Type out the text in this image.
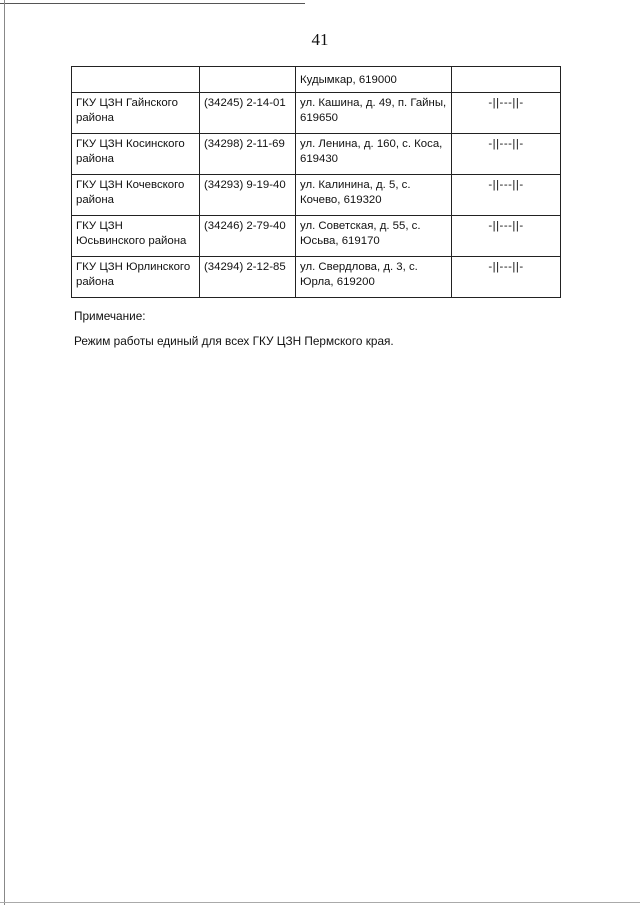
41
		Кудымкар, 619000	
ГКУ ЦЗН Гайнского района	(34245) 2-14-01	ул. Кашина, д. 49, п. Гайны, 619650	-||---||-
ГКУ ЦЗН Косинского района	(34298) 2-11-69	ул. Ленина, д. 160, с. Коса, 619430	-||---||-
ГКУ ЦЗН Кочевского района	(34293) 9-19-40	ул. Калинина, д. 5, с. Кочево, 619320	-||---||-
ГКУ ЦЗН Юсьвинского района	(34246) 2-79-40	ул. Советская, д. 55, с. Юсьва, 619170	-||---||-
ГКУ ЦЗН Юрлинского района	(34294) 2-12-85	ул. Свердлова, д. 3, с. Юрла, 619200	-||---||-
Примечание:
Режим работы единый для всех ГКУ ЦЗН Пермского края.
